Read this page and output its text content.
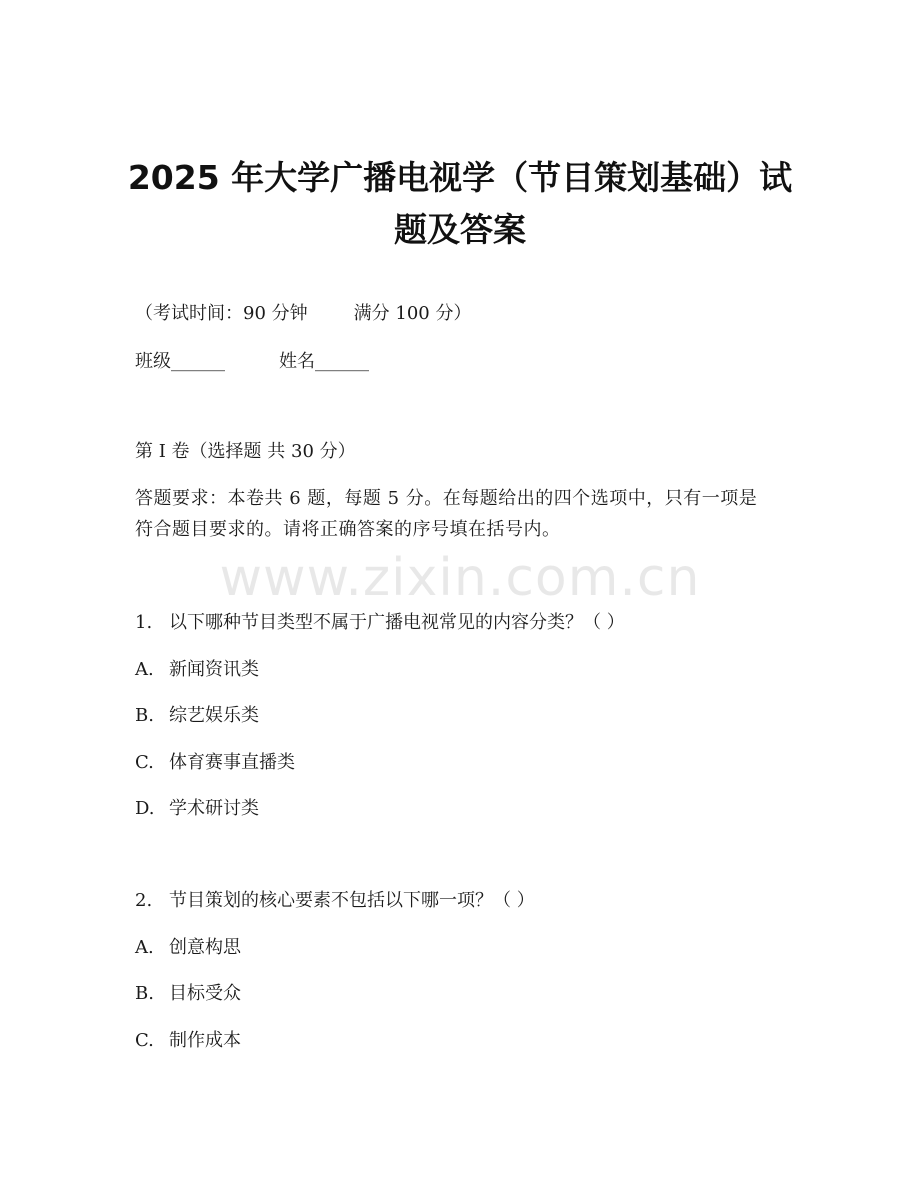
2025 年大学广播电视学（节目策划基础）试
题及答案
（考试时间：90 分钟	满分 100 分）
班级______	姓名______
第 I 卷（选择题 共 30 分）
答题要求：本卷共 6 题，每题 5 分。在每题给出的四个选项中，只有一项是符合题目要求的。请将正确答案的序号填在括号内。
www.zixin.com.cn
1. 以下哪种节目类型不属于广播电视常见的内容分类？（ ）
A. 新闻资讯类
B. 综艺娱乐类
C. 体育赛事直播类
D. 学术研讨类
2. 节目策划的核心要素不包括以下哪一项？（ ）
A. 创意构思
B. 目标受众
C. 制作成本
